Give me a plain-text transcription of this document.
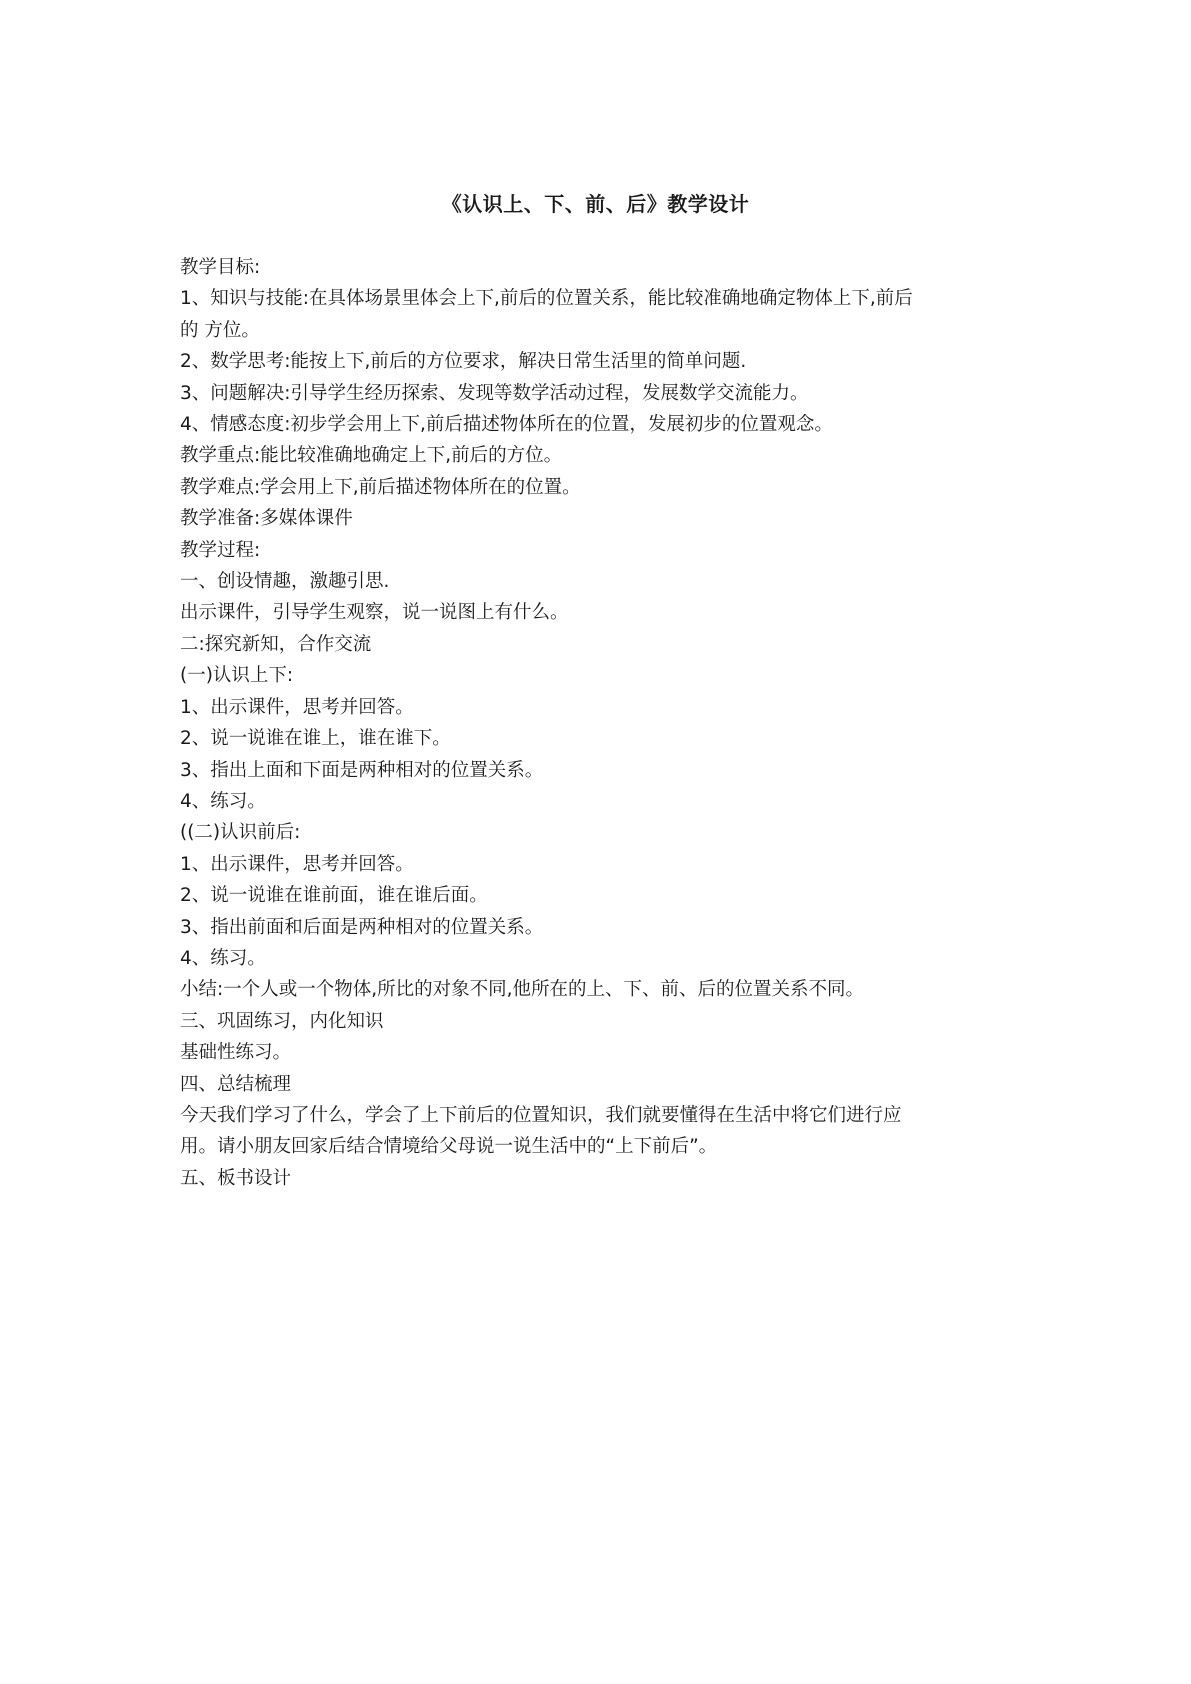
《认识上、下、前、后》教学设计

教学目标:

1、知识与技能:在具体场景里体会上下,前后的位置关系，能比较准确地确定物体上下,前后

的 方位。

2、数学思考:能按上下,前后的方位要求，解决日常生活里的简单问题.

3、问题解决:引导学生经历探索、发现等数学活动过程，发展数学交流能力。

4、情感态度:初步学会用上下,前后描述物体所在的位置，发展初步的位置观念。

教学重点:能比较准确地确定上下,前后的方位。

教学难点:学会用上下,前后描述物体所在的位置。

教学准备:多媒体课件

教学过程:

一、创设情趣，激趣引思.

出示课件，引导学生观察，说一说图上有什么。

二:探究新知，合作交流

(一)认识上下:

1、出示课件，思考并回答。

2、说一说谁在谁上，谁在谁下。

3、指出上面和下面是两种相对的位置关系。

4、练习。

((二)认识前后:

1、出示课件，思考并回答。

2、说一说谁在谁前面，谁在谁后面。

3、指出前面和后面是两种相对的位置关系。

4、练习。

小结:一个人或一个物体,所比的对象不同,他所在的上、下、前、后的位置关系不同。

三、巩固练习，内化知识

基础性练习。

四、总结梳理

今天我们学习了什么，学会了上下前后的位置知识，我们就要懂得在生活中将它们进行应

用。请小朋友回家后结合情境给父母说一说生活中的“上下前后”。

五、板书设计
